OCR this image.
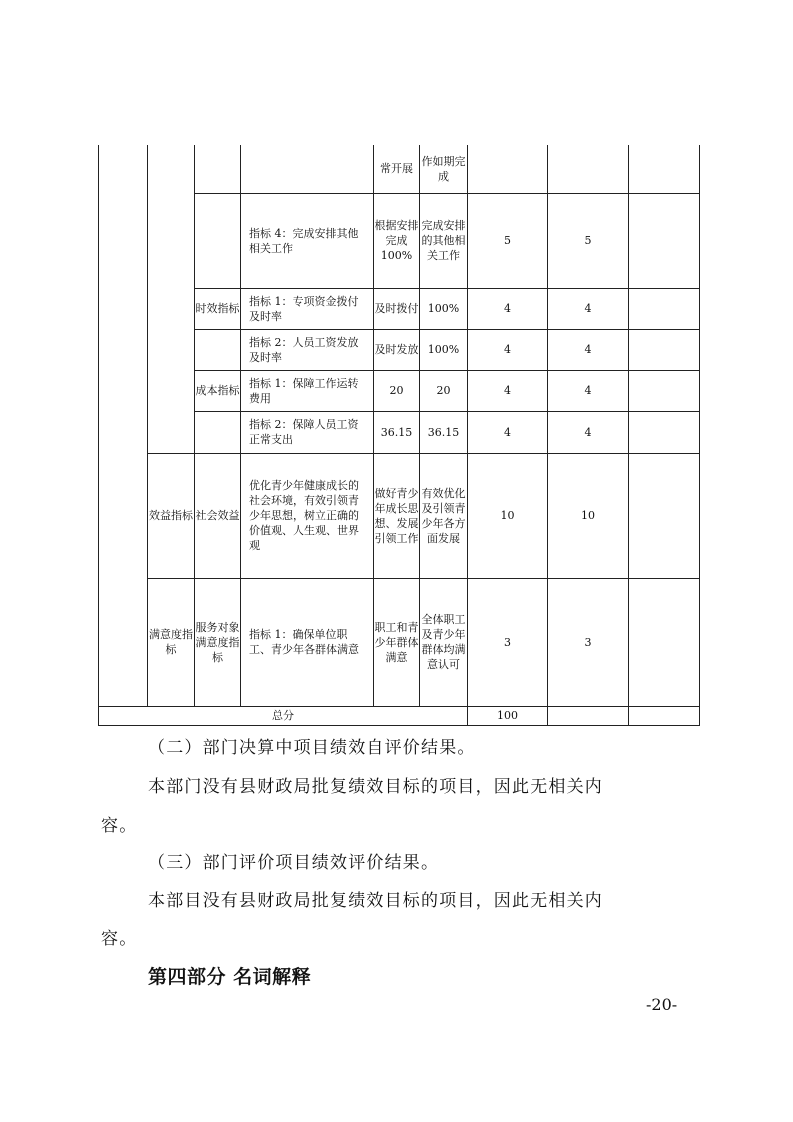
				常开展	作如期完成			
			指标 4：完成安排其他相关工作	根据安排完成100%	完成安排的其他相关工作	5	5	
		时效指标	指标 1：专项资金拨付及时率	及时拨付	100%	4	4	
			指标 2：人员工资发放及时率	及时发放	100%	4	4	
		成本指标	指标 1：保障工作运转费用	20	20	4	4	
			指标 2：保障人员工资正常支出	36.15	36.15	4	4	
	效益指标	社会效益	优化青少年健康成长的社会环境，有效引领青少年思想，树立正确的价值观、人生观、世界观	做好青少年成长思想、发展引领工作	有效优化及引领青少年各方面发展	10	10	
	满意度指标	服务对象满意度指标	指标 1：确保单位职工、青少年各群体满意	职工和青少年群体满意	全体职工及青少年群体均满意认可	3	3	
总分						100		
（二）部门决算中项目绩效自评价结果。
本部门没有县财政局批复绩效目标的项目，因此无相关内
容。
（三）部门评价项目绩效评价结果。
本部目没有县财政局批复绩效目标的项目，因此无相关内
容。
第四部分 名词解释
-20-
